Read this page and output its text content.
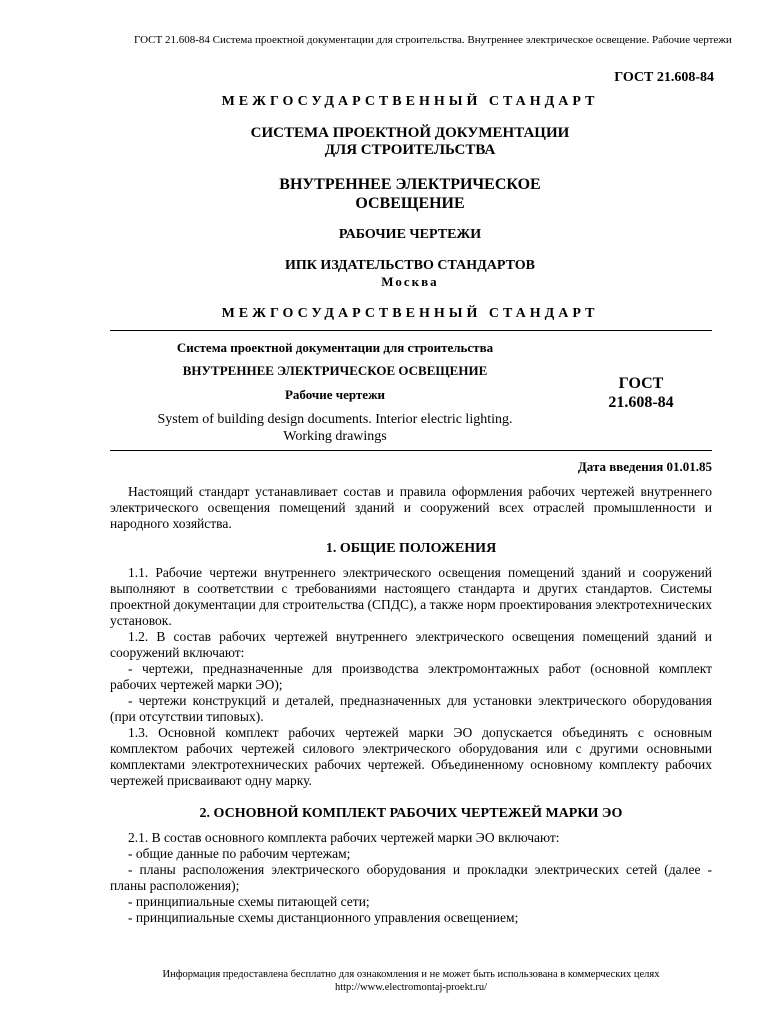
ГОСТ 21.608-84 Система проектной документации для строительства. Внутреннее электрическое освещение. Рабочие чертежи
ГОСТ 21.608-84
МЕЖГОСУДАРСТВЕННЫЙ СТАНДАРТ
СИСТЕМА ПРОЕКТНОЙ ДОКУМЕНТАЦИИ
ДЛЯ СТРОИТЕЛЬСТВА
ВНУТРЕННЕЕ ЭЛЕКТРИЧЕСКОЕ
ОСВЕЩЕНИЕ
РАБОЧИЕ ЧЕРТЕЖИ
ИПК ИЗДАТЕЛЬСТВО СТАНДАРТОВ
Москва
МЕЖГОСУДАРСТВЕННЫЙ СТАНДАРТ
Система проектной документации для строительства
ВНУТРЕННЕЕ ЭЛЕКТРИЧЕСКОЕ ОСВЕЩЕНИЕ
Рабочие чертежи
System of building design documents. Interior electric lighting.
Working drawings
ГОСТ
21.608-84
Дата введения 01.01.85

Настоящий стандарт устанавливает состав и правила оформления рабочих чертежей внутреннего электрического освещения помещений зданий и сооружений всех отраслей промышленности и народного хозяйства.

1. ОБЩИЕ ПОЛОЖЕНИЯ

1.1. Рабочие чертежи внутреннего электрического освещения помещений зданий и сооружений выполняют в соответствии с требованиями настоящего стандарта и других стандартов. Системы проектной документации для строительства (СПДС), а также норм проектирования электротехнических установок.

1.2. В состав рабочих чертежей внутреннего электрического освещения помещений зданий и сооружений включают:

- чертежи, предназначенные для производства электромонтажных работ (основной комплект рабочих чертежей марки ЭО);

- чертежи конструкций и деталей, предназначенных для установки электрического оборудования (при отсутствии типовых).

1.3. Основной комплект рабочих чертежей марки ЭО допускается объединять с основным комплектом рабочих чертежей силового электрического оборудования или с другими основными комплектами электротехнических рабочих чертежей. Объединенному основному комплекту рабочих чертежей присваивают одну марку.

2. ОСНОВНОЙ КОМПЛЕКТ РАБОЧИХ ЧЕРТЕЖЕЙ МАРКИ ЭО

2.1. В состав основного комплекта рабочих чертежей марки ЭО включают:

- общие данные по рабочим чертежам;

- планы расположения электрического оборудования и прокладки электрических сетей (далее - планы расположения);

- принципиальные схемы питающей сети;

- принципиальные схемы дистанционного управления освещением;

Информация предоставлена бесплатно для ознакомления и не может быть использована в коммерческих целях
http://www.electromontaj-proekt.ru/
